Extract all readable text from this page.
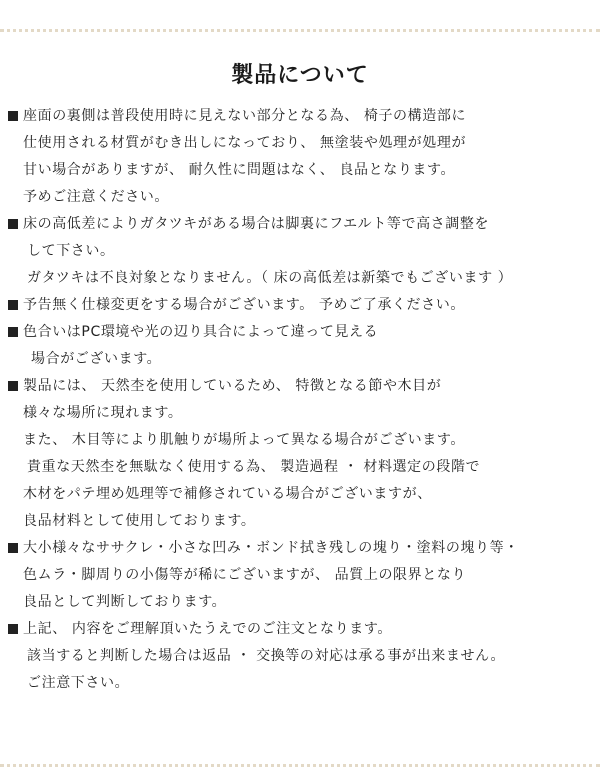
製品について
座面の裏側は普段使用時に見えない部分となる為、 椅子の構造部に
仕使用される材質がむき出しになっており、 無塗装や処理が処理が
甘い場合がありますが、 耐久性に問題はなく、 良品となります。
予めご注意ください。
床の高低差によりガタツキがある場合は脚裏にフエルト等で高さ調整を
して下さい。
ガタツキは不良対象となりません。（ 床の高低差は新築でもございます ）
予告無く仕様変更をする場合がございます。 予めご了承ください。
色合いはPC環境や光の辺り具合によって違って見える
場合がございます。
製品には、 天然杢を使用しているため、 特徴となる節や木目が
様々な場所に現れます。
また、 木目等により肌触りが場所よって異なる場合がございます。
貴重な天然杢を無駄なく使用する為、 製造過程 ・ 材料選定の段階で
木材をパテ埋め処理等で補修されている場合がございますが、
良品材料として使用しております。
大小様々なササクレ・小さな凹み・ボンド拭き残しの塊り・塗料の塊り等・
色ムラ・脚周りの小傷等が稀にございますが、 品質上の限界となり
良品として判断しております。
上記、 内容をご理解頂いたうえでのご注文となります。
該当すると判断した場合は返品 ・ 交換等の対応は承る事が出来ません。
ご注意下さい。
